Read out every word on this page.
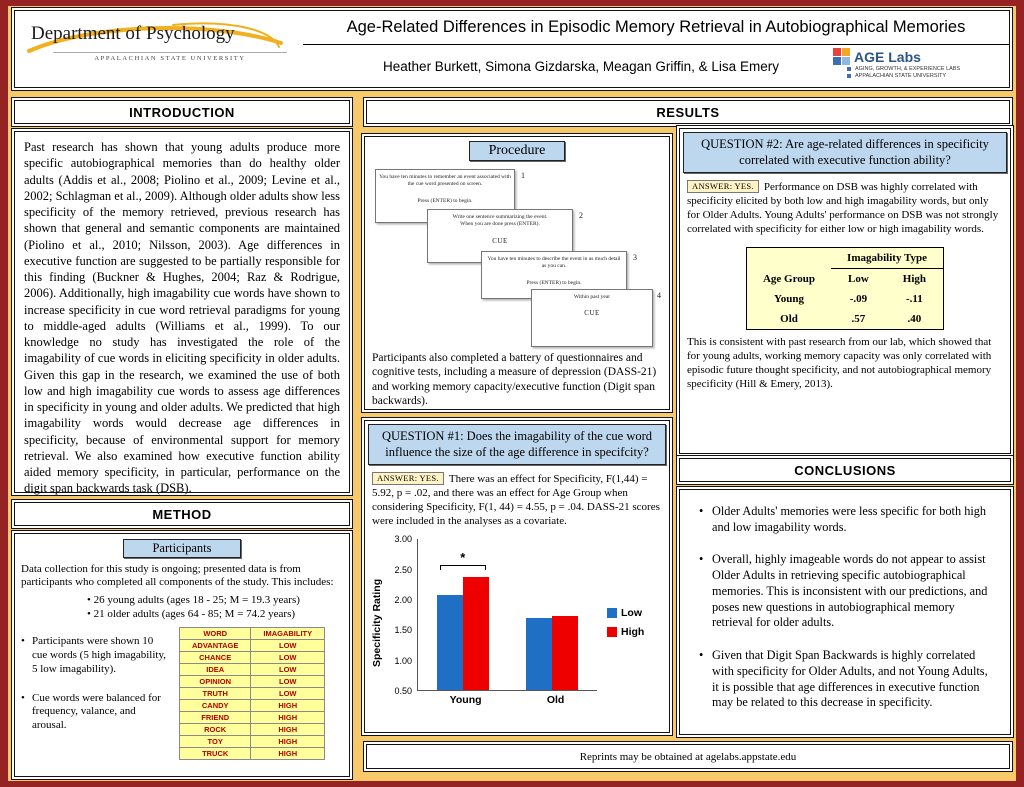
Department of Psychology
APPALACHIAN STATE UNIVERSITY
Age-Related Differences in Episodic Memory Retrieval in Autobiographical Memories
Heather Burkett, Simona Gizdarska, Meagan Griffin, & Lisa Emery
AGE Labs
AGING, GROWTH, & EXPERIENCE LABS
APPALACHIAN STATE UNIVERSITY
INTRODUCTION
Past research has shown that young adults produce more specific autobiographical memories than do healthy older adults (Addis et al., 2008; Piolino et al., 2009; Levine et al., 2002; Schlagman et al., 2009). Although older adults show less specificity of the memory retrieved, previous research has shown that general and semantic components are maintained (Piolino et al., 2010; Nilsson, 2003). Age differences in executive function are suggested to be partially responsible for this finding (Buckner & Hughes, 2004; Raz & Rodrigue, 2006). Additionally, high imagability cue words have shown to increase specificity in cue word retrieval paradigms for young to middle-aged adults (Williams et al., 1999). To our knowledge no study has investigated the role of the imagability of cue words in eliciting specificity in older adults. Given this gap in the research, we examined the use of both low and high imagability cue words to assess age differences in specificity in young and older adults. We predicted that high imagability words would decrease age differences in specificity, because of environmental support for memory retrieval. We also examined how executive function ability aided memory specificity, in particular, performance on the digit span backwards task (DSB).
METHOD
Participants

Data collection for this study is ongoing; presented data is from participants who completed all components of the study. This includes:

• 26 young adults (ages 18 - 25; M = 19.3 years)
• 21 older adults (ages 64 - 85; M = 74.2 years)
• Participants were shown 10 cue words (5 high imagability, 5 low imagability).
• Cue words were balanced for frequency, valance, and arousal.
WORD	IMAGABILITY
ADVANTAGE	LOW
CHANCE	LOW
IDEA	LOW
OPINION	LOW
TRUTH	LOW
CANDY	HIGH
FRIEND	HIGH
ROCK	HIGH
TOY	HIGH
TRUCK	HIGH
RESULTS
Procedure
You have ten minutes to remember an event associated with the cue word presented on screen.
Press (ENTER) to begin.
1
Write one sentence summarizing the event.
When you are done press (ENTER).
CUE
2
You have ten minutes to describe the event in as much detail as you can.
Press (ENTER) to begin.
3
Within past year
CUE
4

Participants also completed a battery of questionnaires and cognitive tests, including a measure of depression (DASS-21) and working memory capacity/executive function (Digit span backwards).

QUESTION #1: Does the imagability of the cue word influence the size of the age difference in specifcity?

ANSWER: YES. There was an effect for Specificity, F(1,44) = 5.92, p = .02, and there was an effect for Age Group when considering Specificity, F(1, 44) = 4.55, p = .04. DASS-21 scores were included in the analyses as a covariate.

Specificity Rating
3.00
2.50
2.00
1.50
1.00
0.50
*
Young	Old
Low
High
QUESTION #2: Are age-related differences in specificity correlated with executive function ability?

ANSWER: YES. Performance on DSB was highly correlated with specificity elicited by both low and high imagability words, but only for Older Adults. Young Adults' performance on DSB was not strongly correlated with specificity for either low or high imagability words.

	Imagability Type	
Age Group	Low	High
Young	-.09	-.11
Old	.57	.40

This is consistent with past research from our lab, which showed that for young adults, working memory capacity was only correlated with episodic future thought specificity, and not autobiographical memory specificity (Hill & Emery, 2013).

CONCLUSIONS
• Older Adults' memories were less specific for both high and low imagability words.
• Overall, highly imageable words do not appear to assist Older Adults in retrieving specific autobiographical memories. This is inconsistent with our predictions, and poses new questions in autobiographical memory retrieval for older adults.
• Given that Digit Span Backwards is highly correlated with specificity for Older Adults, and not Young Adults, it is possible that age differences in executive function may be related to this decrease in specificity.
Reprints may be obtained at agelabs.appstate.edu
